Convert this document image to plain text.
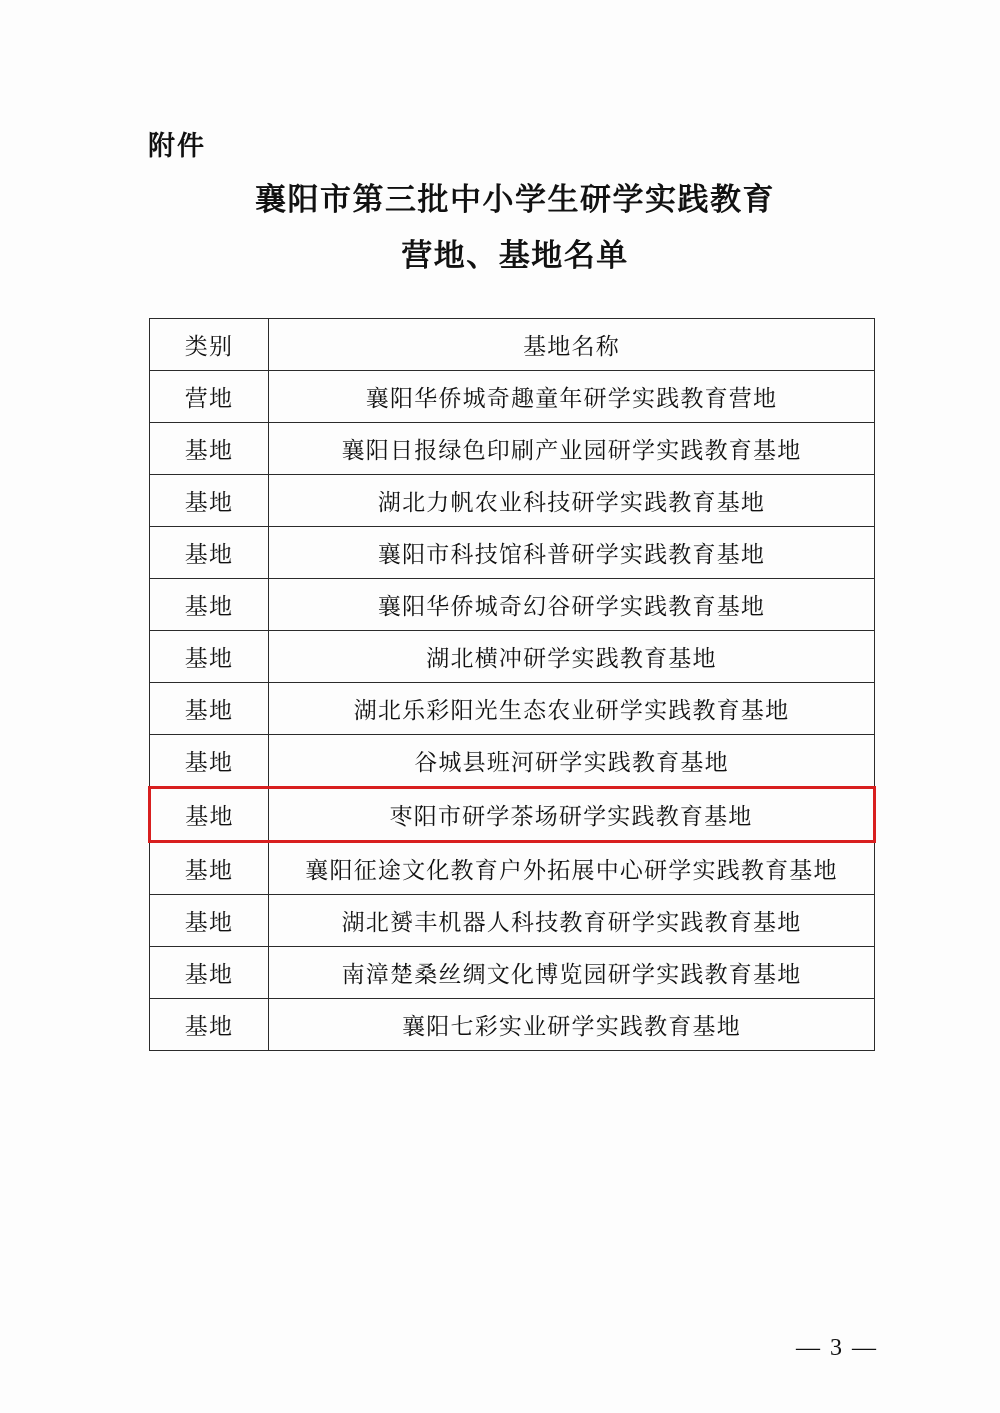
附件
襄阳市第三批中小学生研学实践教育
营地、基地名单
类别	基地名称
营地	襄阳华侨城奇趣童年研学实践教育营地
基地	襄阳日报绿色印刷产业园研学实践教育基地
基地	湖北力帆农业科技研学实践教育基地
基地	襄阳市科技馆科普研学实践教育基地
基地	襄阳华侨城奇幻谷研学实践教育基地
基地	湖北横冲研学实践教育基地
基地	湖北乐彩阳光生态农业研学实践教育基地
基地	谷城县班河研学实践教育基地
基地	枣阳市研学茶场研学实践教育基地
基地	襄阳征途文化教育户外拓展中心研学实践教育基地
基地	湖北赟丰机器人科技教育研学实践教育基地
基地	南漳楚桑丝绸文化博览园研学实践教育基地
基地	襄阳七彩实业研学实践教育基地
— 3 —
